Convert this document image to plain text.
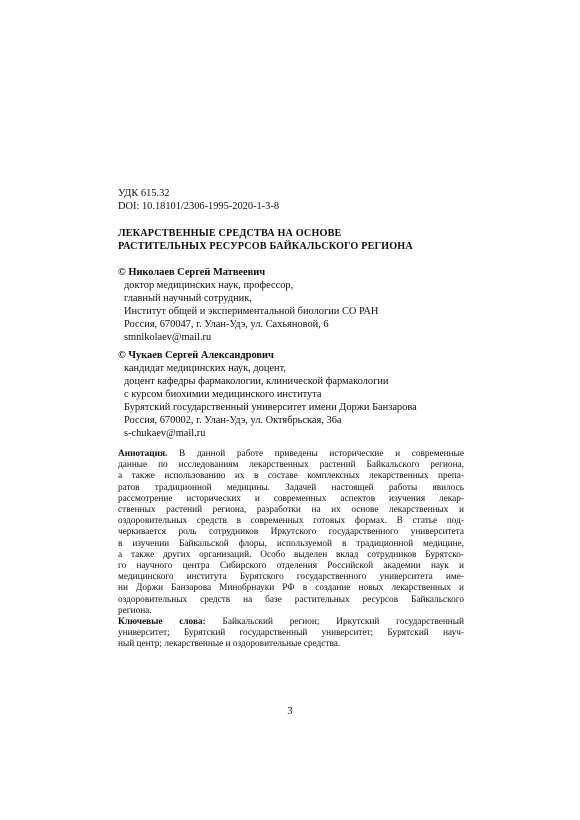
УДК 615.32
DOI: 10.18101/2306-1995-2020-1-3-8
ЛЕКАРСТВЕННЫЕ СРЕДСТВА НА ОСНОВЕ
РАСТИТЕЛЬНЫХ РЕСУРСОВ БАЙКАЛЬСКОГО РЕГИОНА
© Николаев Сергей Матвеевич
доктор медицинских наук, профессор,
главный научный сотрудник,
Институт общей и экспериментальной биологии СО РАН
Россия, 670047, г. Улан-Удэ, ул. Сахьяновой, 6
smnikolaev@mail.ru
© Чукаев Сергей Александрович
кандидат медицинских наук, доцент,
доцент кафедры фармакологии, клинической фармакологии
с курсом биохимии медицинского института
Бурятский государственный университет имени Доржи Банзарова
Россия, 670002, г. Улан-Удэ, ул. Октябрьская, 36а
s-chukaev@mail.ru
Аннотация. В данной работе приведены исторические и современные
данные по исследованиям лекарственных растений Байкальского региона,
а также использованию их в составе комплексных лекарственных препа-
ратов традиционной медицины. Задачей настоящей работы явилось
рассмотрение исторических и современных аспектов изучения лекар-
ственных растений региона, разработки на их основе лекарственных и
оздоровительных средств в современных готовых формах. В статье под-
черкивается роль сотрудников Иркутского государственного университета
в изучении Байкальской флоры, используемой в традиционной медицине,
а также других организаций. Особо выделен вклад сотрудников Бурятско-
го научного центра Сибирского отделения Российской академии наук и
медицинского института Бурятского государственного университета име-
ни Доржи Банзарова Минобрнауки РФ в создание новых лекарственных и
оздоровительных средств на базе растительных ресурсов Байкальского
региона.
Ключевые слова: Байкальский регион; Иркутский государственный
университет; Бурятский государственный университет; Бурятский науч-
ный центр; лекарственные и оздоровительные средства.
3
